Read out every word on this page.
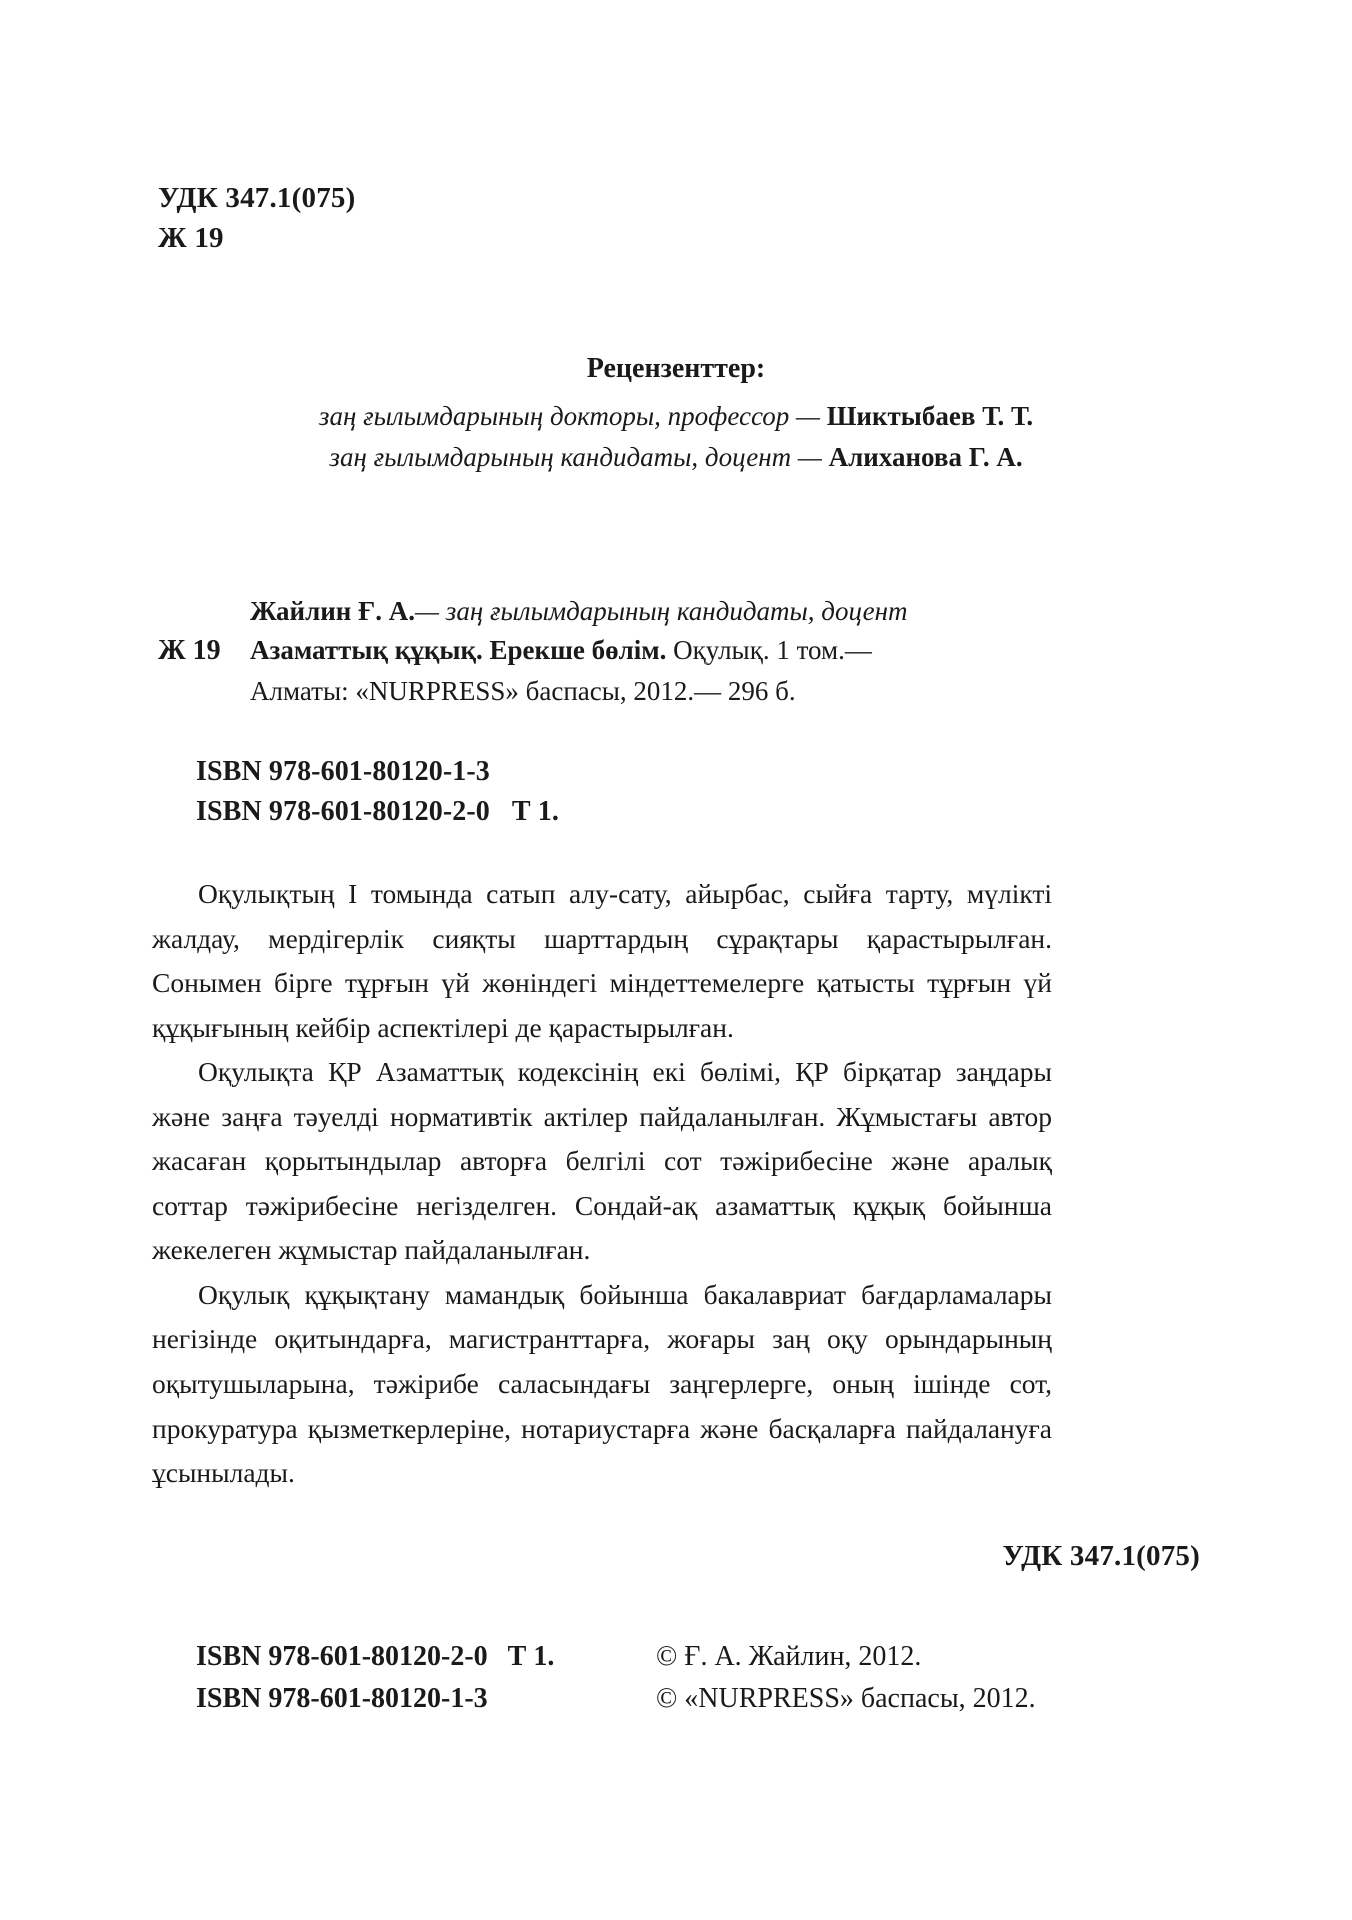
УДК 347.1(075)
Ж 19
Рецензенттер:
заң ғылымдарының докторы, профессор — Шиктыбаев Т. Т.
заң ғылымдарының кандидаты, доцент — Алиханова Г. А.
Жайлин Ғ. А.— заң ғылымдарының кандидаты, доцент
Ж 19	Азаматтық құқық. Ерекше бөлім. Оқулық. 1 том.—
Алматы: «NURPRESS» баспасы, 2012.— 296 б.
ISBN 978-601-80120-1-3
ISBN 978-601-80120-2-0 Т 1.

Оқулықтың І томында сатып алу-сату, айырбас, сыйға тарту, мүлікті жалдау, мердігерлік сияқты шарттардың сұрақтары қарастырылған. Сонымен бірге тұрғын үй жөніндегі міндеттемелерге қатысты тұрғын үй құқығының кейбір аспектілері де қарастырылған.

Оқулықта ҚР Азаматтық кодексінің екі бөлімі, ҚР бірқатар заңдары және заңға тәуелді нормативтік актілер пайдаланылған. Жұмыстағы автор жасаған қорытындылар авторға белгілі сот тәжірибесіне және аралық соттар тәжірибесіне негізделген. Сондай-ақ азаматтық құқық бойынша жекелеген жұмыстар пайдаланылған.

Оқулық құқықтану мамандық бойынша бакалавриат бағдарламалары негізінде оқитындарға, магистранттарға, жоғары заң оқу орындарының оқытушыларына, тәжірибе саласындағы заңгерлерге, оның ішінде сот, прокуратура қызметкерлеріне, нотариустарға және басқаларға пайдалануға ұсынылады.

УДК 347.1(075)
ISBN 978-601-80120-2-0 Т 1.	© Ғ. А. Жайлин, 2012.
ISBN 978-601-80120-1-3	© «NURPRESS» баспасы, 2012.
